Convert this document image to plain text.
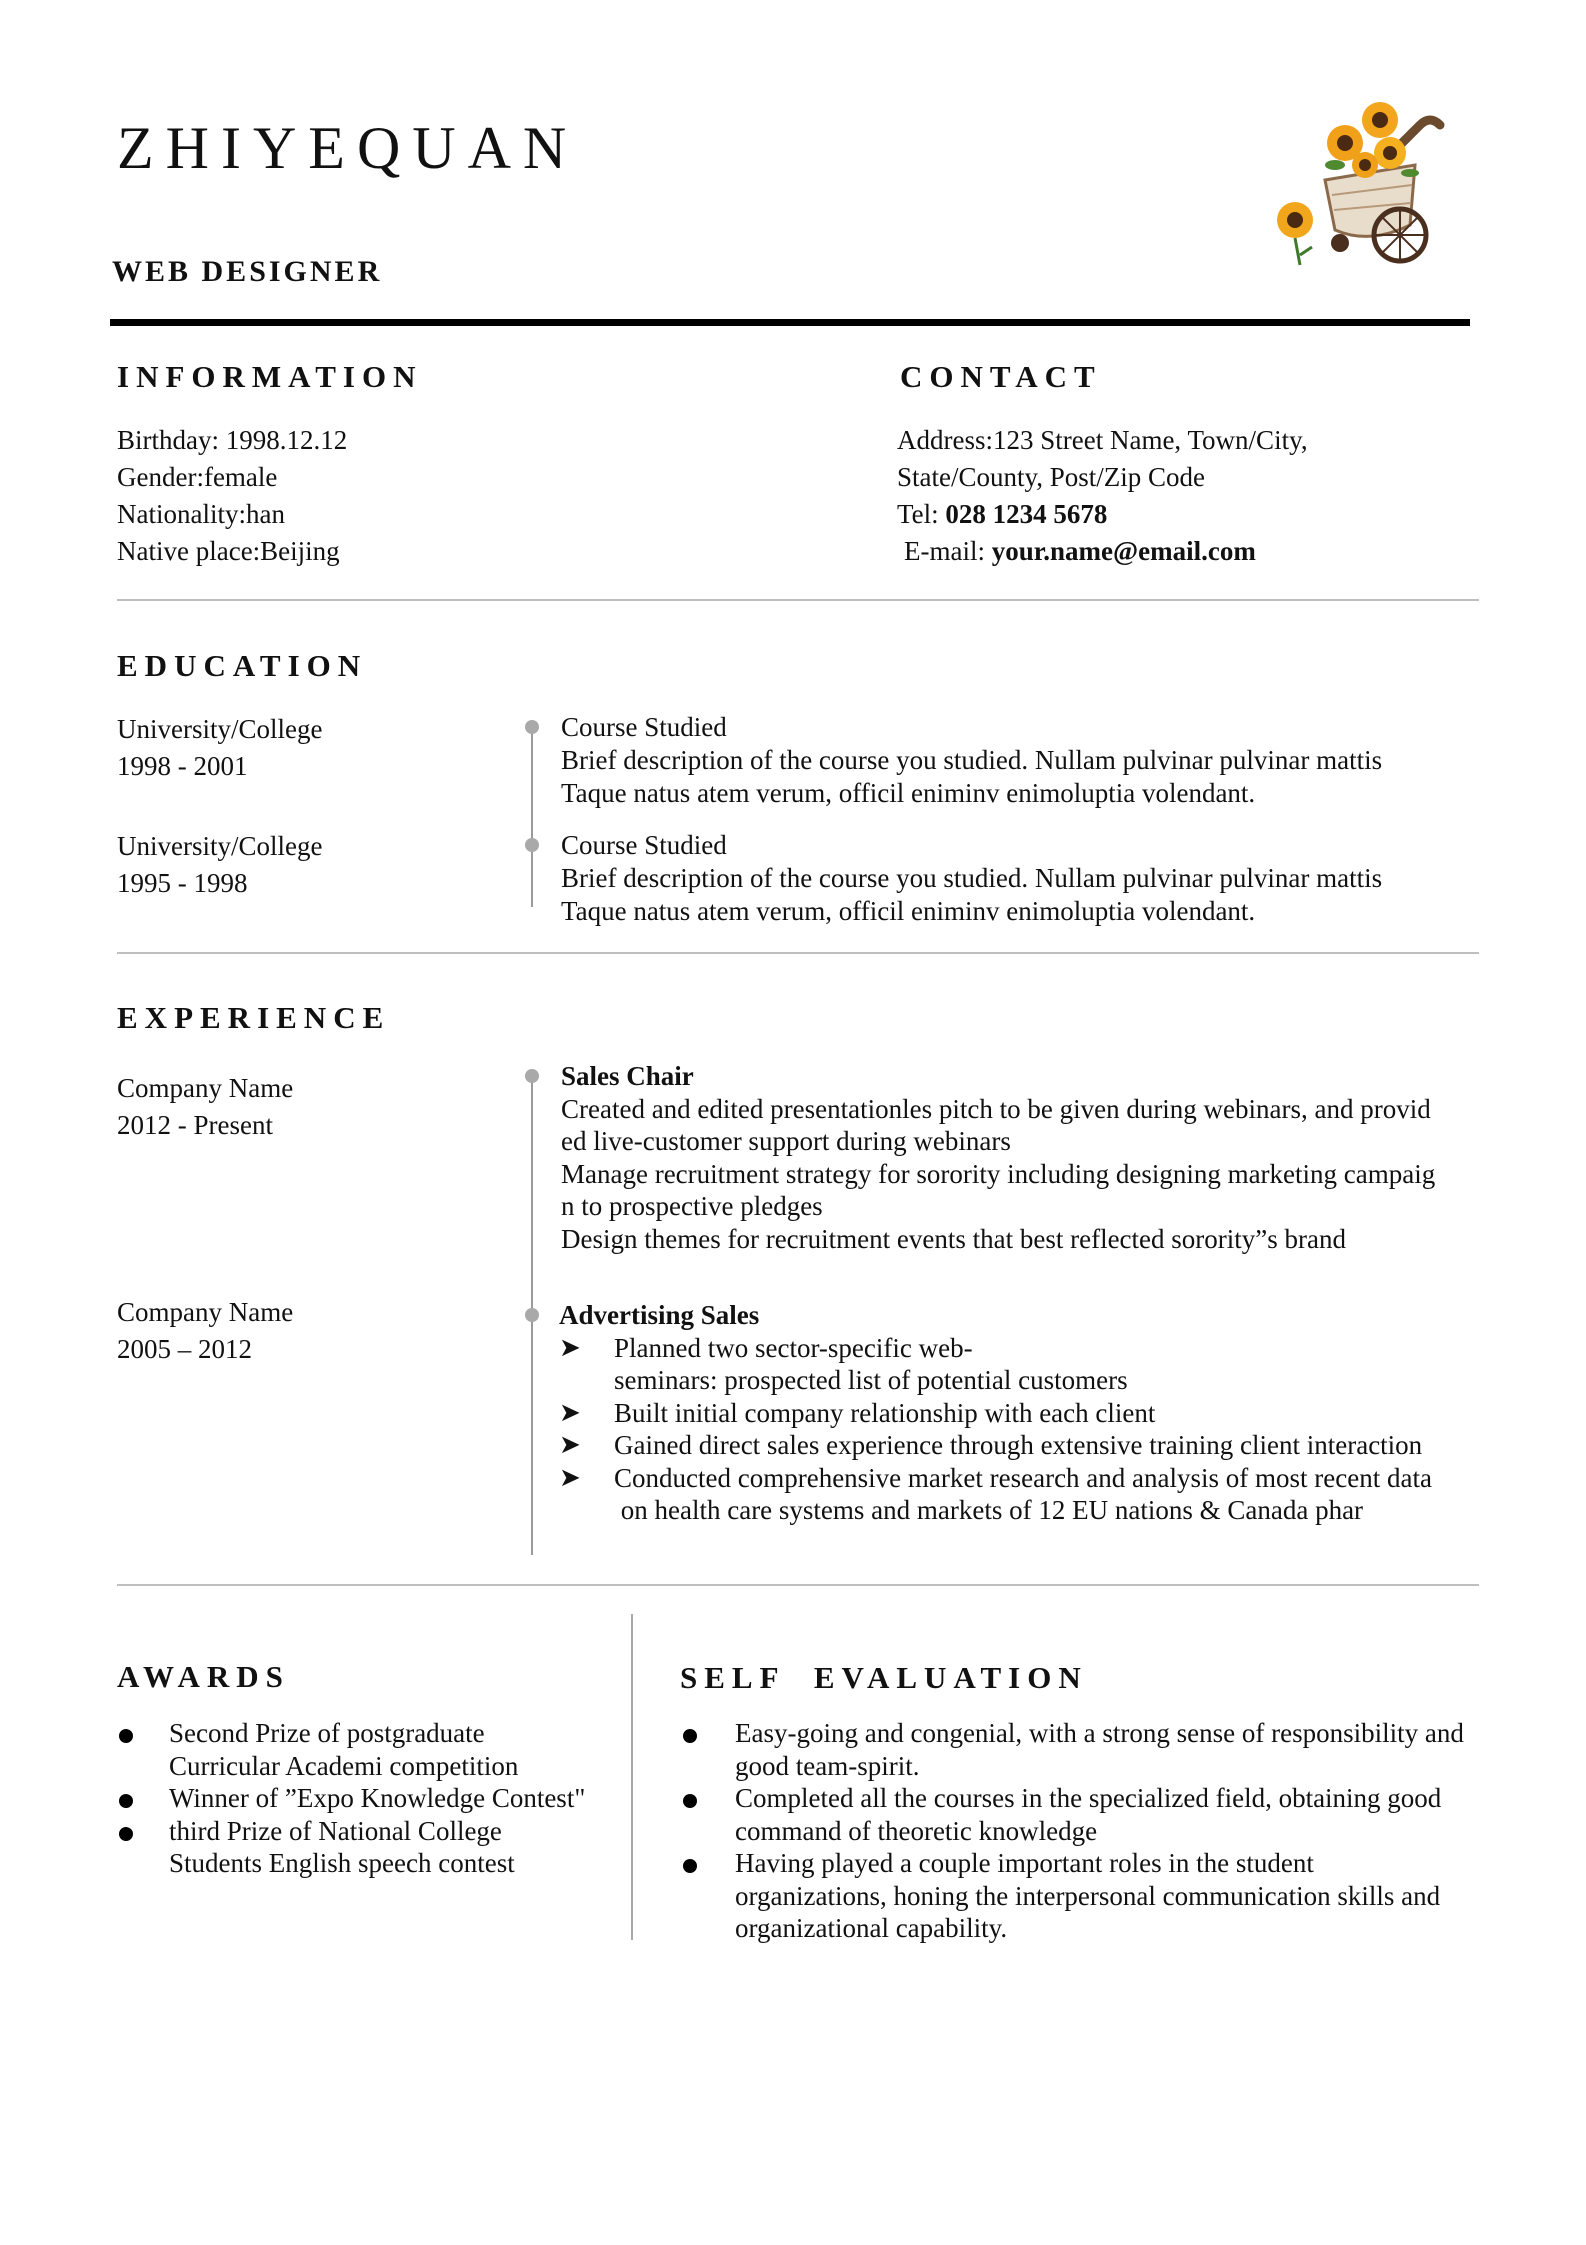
ZHIYEQUAN
WEB DESIGNER
INFORMATION
Birthday: 1998.12.12
Gender:female
Nationality:han
Native place:Beijing
CONTACT
Address:123 Street Name, Town/City,
State/County, Post/Zip Code
Tel: 028 1234 5678
E-mail: your.name@email.com
EDUCATION
University/College
1998 - 2001
Course Studied
Brief description of the course you studied. Nullam pulvinar pulvinar mattis
Taque natus atem verum, officil eniminv enimoluptia volendant.
University/College
1995 - 1998
Course Studied
Brief description of the course you studied. Nullam pulvinar pulvinar mattis
Taque natus atem verum, officil eniminv enimoluptia volendant.
EXPERIENCE
Company Name
2012 - Present
Sales Chair
Created and edited presentationles pitch to be given during webinars, and provid
ed live-customer support during webinars
Manage recruitment strategy for sorority including designing marketing campaig
n to prospective pledges
Design themes for recruitment events that best reflected sorority”s brand
Company Name
2005 – 2012
Advertising Sales
➤ Planned two sector-specific web-
seminars: prospected list of potential customers
➤ Built initial company relationship with each client
➤ Gained direct sales experience through extensive training client interaction
➤ Conducted comprehensive market research and analysis of most recent data
on health care systems and markets of 12 EU nations & Canada phar
AWARDS
Second Prize of postgraduate
Curricular Academi competition
Winner of ”Expo Knowledge Contest"
third Prize of National College
Students English speech contest
SELF  EVALUATION
Easy-going and congenial, with a strong sense of responsibility and
good team-spirit.
Completed all the courses in the specialized field, obtaining good
command of theoretic knowledge
Having played a couple important roles in the student
organizations, honing the interpersonal communication skills and
organizational capability.
